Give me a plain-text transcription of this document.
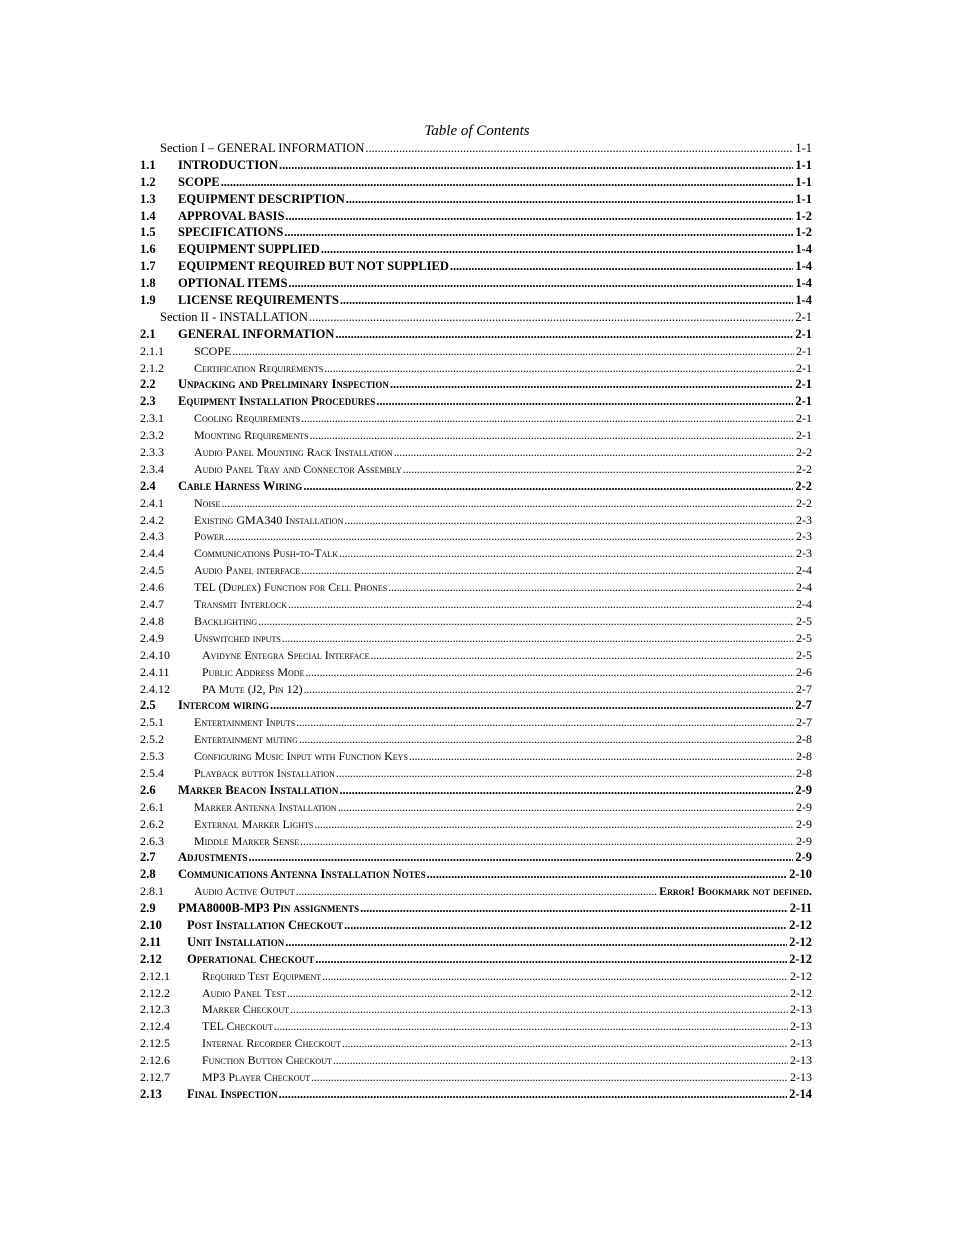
Table of Contents
Section I – GENERAL INFORMATION . . .	1-1
1.1 INTRODUCTION . . .	1-1
1.2 SCOPE . . .	1-1
1.3 EQUIPMENT DESCRIPTION . . .	1-1
1.4 APPROVAL BASIS . . .	1-2
1.5 SPECIFICATIONS . . .	1-2
1.6 EQUIPMENT SUPPLIED . . .	1-4
1.7 EQUIPMENT REQUIRED BUT NOT SUPPLIED . . .	1-4
1.8 OPTIONAL ITEMS . . .	1-4
1.9 LICENSE REQUIREMENTS . . .	1-4
Section II - INSTALLATION . . .	2-1
2.1 GENERAL INFORMATION . . .	2-1
2.1.1	SCOPE . . .	2-1
2.1.2	Certification Requirements . . .	2-1
2.2 Unpacking and Preliminary Inspection . . .	2-1
2.3 Equipment Installation Procedures . . .	2-1
2.3.1	Cooling Requirements . . .	2-1
2.3.2	Mounting Requirements . . .	2-1
2.3.3	Audio Panel Mounting Rack Installation . . .	2-2
2.3.4	Audio Panel Tray and Connector Assembly . . .	2-2
2.4 Cable Harness Wiring . . .	2-2
2.4.1	Noise . . .	2-2
2.4.2	Existing GMA340 Installation . . .	2-3
2.4.3	Power . . .	2-3
2.4.4	Communications Push-to-Talk . . .	2-3
2.4.5	Audio Panel interface . . .	2-4
2.4.6	TEL (Duplex) Function for Cell Phones . . .	2-4
2.4.7	Transmit Interlock . . .	2-4
2.4.8	Backlighting . . .	2-5
2.4.9	Unswitched inputs . . .	2-5
2.4.10	Avidyne Entegra Special Interface . . .	2-5
2.4.11	Public Address Mode . . .	2-6
2.4.12	PA Mute (J2, Pin 12) . . .	2-7
2.5 Intercom wiring . . .	2-7
2.5.1	Entertainment Inputs . . .	2-7
2.5.2	Entertainment muting . . .	2-8
2.5.3	Configuring Music Input with Function Keys . . .	2-8
2.5.4	Playback button Installation . . .	2-8
2.6 Marker Beacon Installation . . .	2-9
2.6.1	Marker Antenna Installation . . .	2-9
2.6.2	External Marker Lights . . .	2-9
2.6.3	Middle Marker Sense . . .	2-9
2.7 Adjustments . . .	2-9
2.8 Communications Antenna Installation Notes . . .	2-10
2.8.1	Audio Active Output . . .	Error! Bookmark not defined.
2.9 PMA8000B-MP3 Pin assignments . . .	2-11
2.10 Post Installation Checkout . . .	2-12
2.11 Unit Installation . . .	2-12
2.12 Operational Checkout . . .	2-12
2.12.1	Required Test Equipment . . .	2-12
2.12.2	Audio Panel Test . . .	2-12
2.12.3	Marker Checkout . . .	2-13
2.12.4	TEL Checkout . . .	2-13
2.12.5	Internal Recorder Checkout . . .	2-13
2.12.6	Function Button Checkout . . .	2-13
2.12.7	MP3 Player Checkout . . .	2-13
2.13 Final Inspection . . .	2-14
